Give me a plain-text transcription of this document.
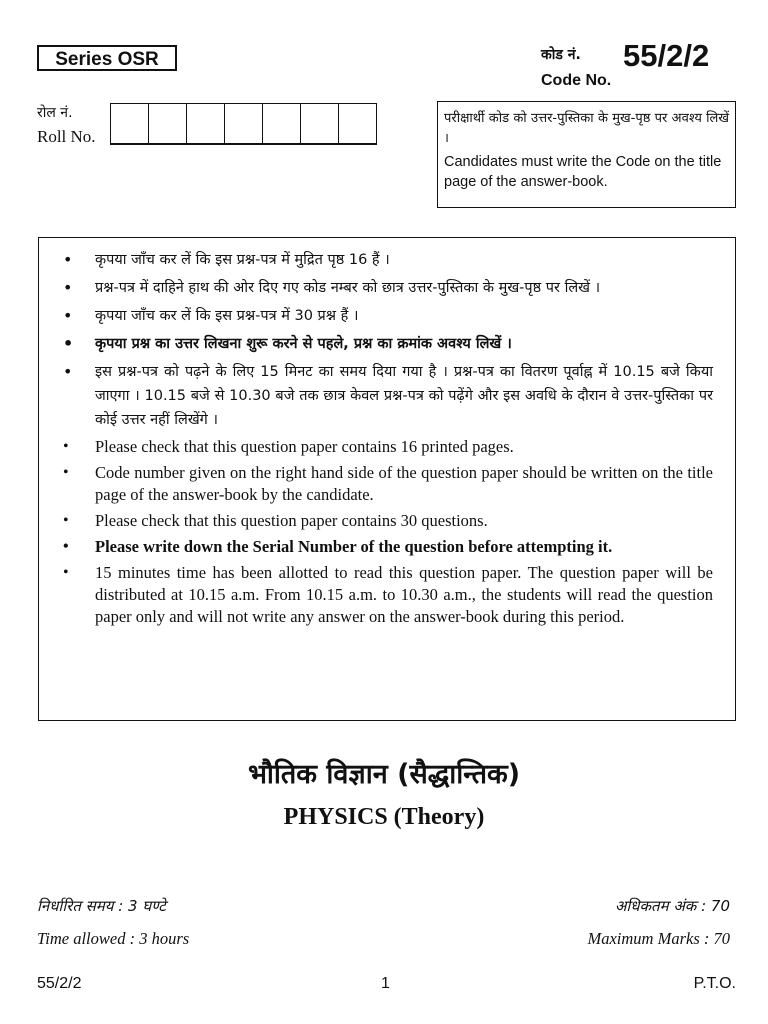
Series OSR	कोड नं.
Code No.
55/2/2
रोल नं.
Roll No.
परीक्षार्थी कोड को उत्तर-पुस्तिका के मुख-पृष्ठ पर अवश्य लिखें ।
Candidates must write the Code on the title page of the answer-book.
• कृपया जाँच कर लें कि इस प्रश्न-पत्र में मुद्रित पृष्ठ 16 हैं ।
• प्रश्न-पत्र में दाहिने हाथ की ओर दिए गए कोड नम्बर को छात्र उत्तर-पुस्तिका के मुख-पृष्ठ पर लिखें ।
• कृपया जाँच कर लें कि इस प्रश्न-पत्र में 30 प्रश्न हैं ।
• कृपया प्रश्न का उत्तर लिखना शुरू करने से पहले, प्रश्न का क्रमांक अवश्य लिखें ।
• इस प्रश्न-पत्र को पढ़ने के लिए 15 मिनट का समय दिया गया है । प्रश्न-पत्र का वितरण पूर्वाह्न में 10.15 बजे किया जाएगा । 10.15 बजे से 10.30 बजे तक छात्र केवल प्रश्न-पत्र को पढ़ेंगे और इस अवधि के दौरान वे उत्तर-पुस्तिका पर कोई उत्तर नहीं लिखेंगे ।
• Please check that this question paper contains 16 printed pages.
• Code number given on the right hand side of the question paper should be written on the title page of the answer-book by the candidate.
• Please check that this question paper contains 30 questions.
• Please write down the Serial Number of the question before attempting it.
• 15 minutes time has been allotted to read this question paper. The question paper will be distributed at 10.15 a.m. From 10.15 a.m. to 10.30 a.m., the students will read the question paper only and will not write any answer on the answer-book during this period.
भौतिक विज्ञान (सैद्धान्तिक)
PHYSICS (Theory)
निर्धारित समय : 3 घण्टे
Time allowed : 3 hours
अधिकतम अंक : 70
Maximum Marks : 70
55/2/2	1	P.T.O.
